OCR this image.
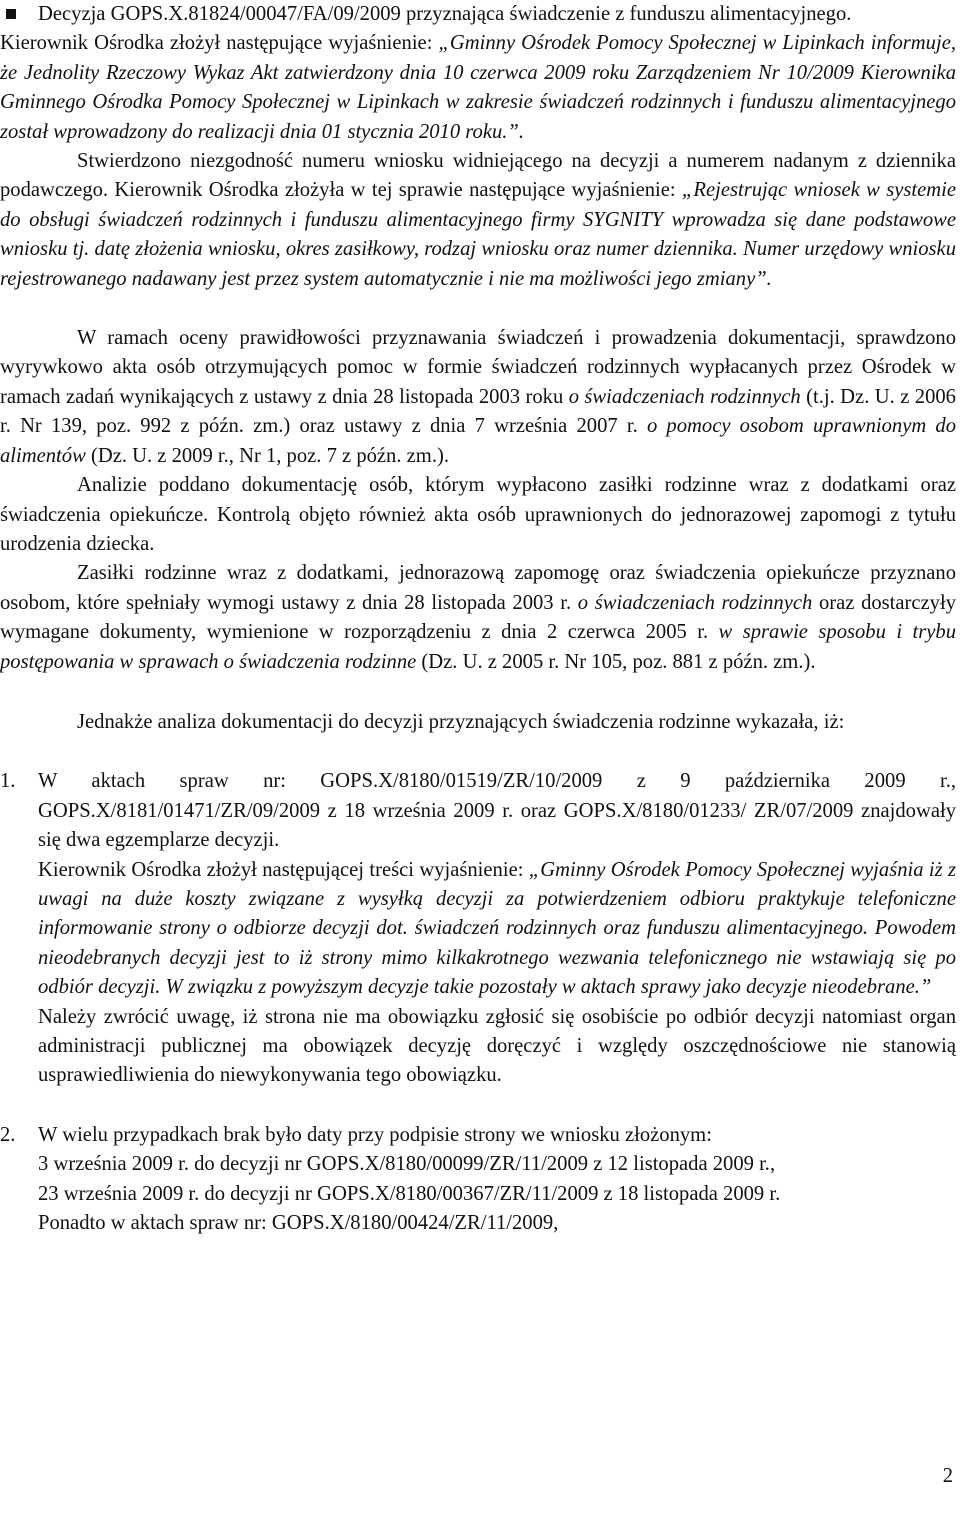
Decyzja GOPS.X.81824/00047/FA/09/2009 przyznająca świadczenie z funduszu alimentacyjnego.

Kierownik Ośrodka złożył następujące wyjaśnienie: „Gminny Ośrodek Pomocy Społecznej w Lipinkach informuje, że Jednolity Rzeczowy Wykaz Akt zatwierdzony dnia 10 czerwca 2009 roku Zarządzeniem Nr 10/2009 Kierownika Gminnego Ośrodka Pomocy Społecznej w Lipinkach w zakresie świadczeń rodzinnych i funduszu alimentacyjnego został wprowadzony do realizacji dnia 01 stycznia 2010 roku.”.

Stwierdzono niezgodność numeru wniosku widniejącego na decyzji a numerem nadanym z dziennika podawczego. Kierownik Ośrodka złożyła w tej sprawie następujące wyjaśnienie: „Rejestrując wniosek w systemie do obsługi świadczeń rodzinnych i funduszu alimentacyjnego firmy SYGNITY wprowadza się dane podstawowe wniosku tj. datę złożenia wniosku, okres zasiłkowy, rodzaj wniosku oraz numer dziennika. Numer urzędowy wniosku rejestrowanego nadawany jest przez system automatycznie i nie ma możliwości jego zmiany”.

W ramach oceny prawidłowości przyznawania świadczeń i prowadzenia dokumentacji, sprawdzono wyrywkowo akta osób otrzymujących pomoc w formie świadczeń rodzinnych wypłacanych przez Ośrodek w ramach zadań wynikających z ustawy z dnia 28 listopada 2003 roku o świadczeniach rodzinnych (t.j. Dz. U. z 2006 r. Nr 139, poz. 992 z późn. zm.) oraz ustawy z dnia 7 września 2007 r. o pomocy osobom uprawnionym do alimentów (Dz. U. z 2009 r., Nr 1, poz. 7 z późn. zm.).

Analizie poddano dokumentację osób, którym wypłacono zasiłki rodzinne wraz z dodatkami oraz świadczenia opiekuńcze. Kontrolą objęto również akta osób uprawnionych do jednorazowej zapomogi z tytułu urodzenia dziecka.

Zasiłki rodzinne wraz z dodatkami, jednorazową zapomogę oraz świadczenia opiekuńcze przyznano osobom, które spełniały wymogi ustawy z dnia 28 listopada 2003 r. o świadczeniach rodzinnych oraz dostarczyły wymagane dokumenty, wymienione w rozporządzeniu z dnia 2 czerwca 2005 r. w sprawie sposobu i trybu postępowania w sprawach o świadczenia rodzinne (Dz. U. z 2005 r. Nr 105, poz. 881 z późn. zm.).

Jednakże analiza dokumentacji do decyzji przyznających świadczenia rodzinne wykazała, iż:

1. W aktach spraw nr: GOPS.X/8180/01519/ZR/10/2009 z 9 października 2009 r., GOPS.X/8181/01471/ZR/09/2009 z 18 września 2009 r. oraz GOPS.X/8180/01233/ ZR/07/2009 znajdowały się dwa egzemplarze decyzji.

Kierownik Ośrodka złożył następującej treści wyjaśnienie: „Gminny Ośrodek Pomocy Społecznej wyjaśnia iż z uwagi na duże koszty związane z wysyłką decyzji za potwierdzeniem odbioru praktykuje telefoniczne informowanie strony o odbiorze decyzji dot. świadczeń rodzinnych oraz funduszu alimentacyjnego. Powodem nieodebranych decyzji jest to iż strony mimo kilkakrotnego wezwania telefonicznego nie wstawiają się po odbiór decyzji. W związku z powyższym decyzje takie pozostały w aktach sprawy jako decyzje nieodebrane.”

Należy zwrócić uwagę, iż strona nie ma obowiązku zgłosić się osobiście po odbiór decyzji natomiast organ administracji publicznej ma obowiązek decyzję doręczyć i względy oszczędnościowe nie stanowią usprawiedliwienia do niewykonywania tego obowiązku.

2. W wielu przypadkach brak było daty przy podpisie strony we wniosku złożonym:
3 września 2009 r. do decyzji nr GOPS.X/8180/00099/ZR/11/2009 z 12 listopada 2009 r.,
23 września 2009 r. do decyzji nr GOPS.X/8180/00367/ZR/11/2009 z 18 listopada 2009 r.
Ponadto w aktach spraw nr: GOPS.X/8180/00424/ZR/11/2009,
2
